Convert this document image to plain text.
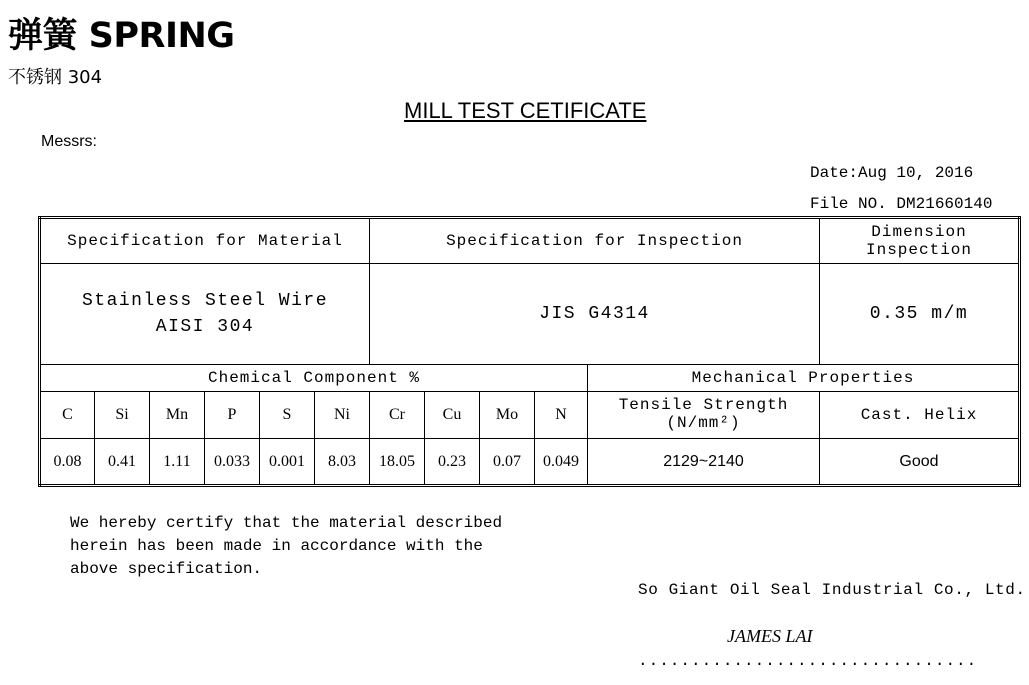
弹簧 SPRING
不锈钢 304
MILL TEST CETIFICATE
Messrs:
Date:Aug 10, 2016
File NO. DM21660140
Specification for Material						Specification for Inspection					Dimension Inspection

Stainless Steel Wire
AISI 304						JIS G4314					0.35 m/m
Chemical Component %										Mechanical Properties	
C	Si	Mn	P	S	Ni	Cr	Cu	Mo	N	Tensile Strength (N/mm²)	Cast. Helix
0.08	0.41	1.11	0.033	0.001	8.03	18.05	0.23	0.07	0.049	2129~2140	Good
We hereby certify that the material described
herein has been made in accordance with the
above specification.
So Giant Oil Seal Industrial Co., Ltd.
JAMES LAI
................................
